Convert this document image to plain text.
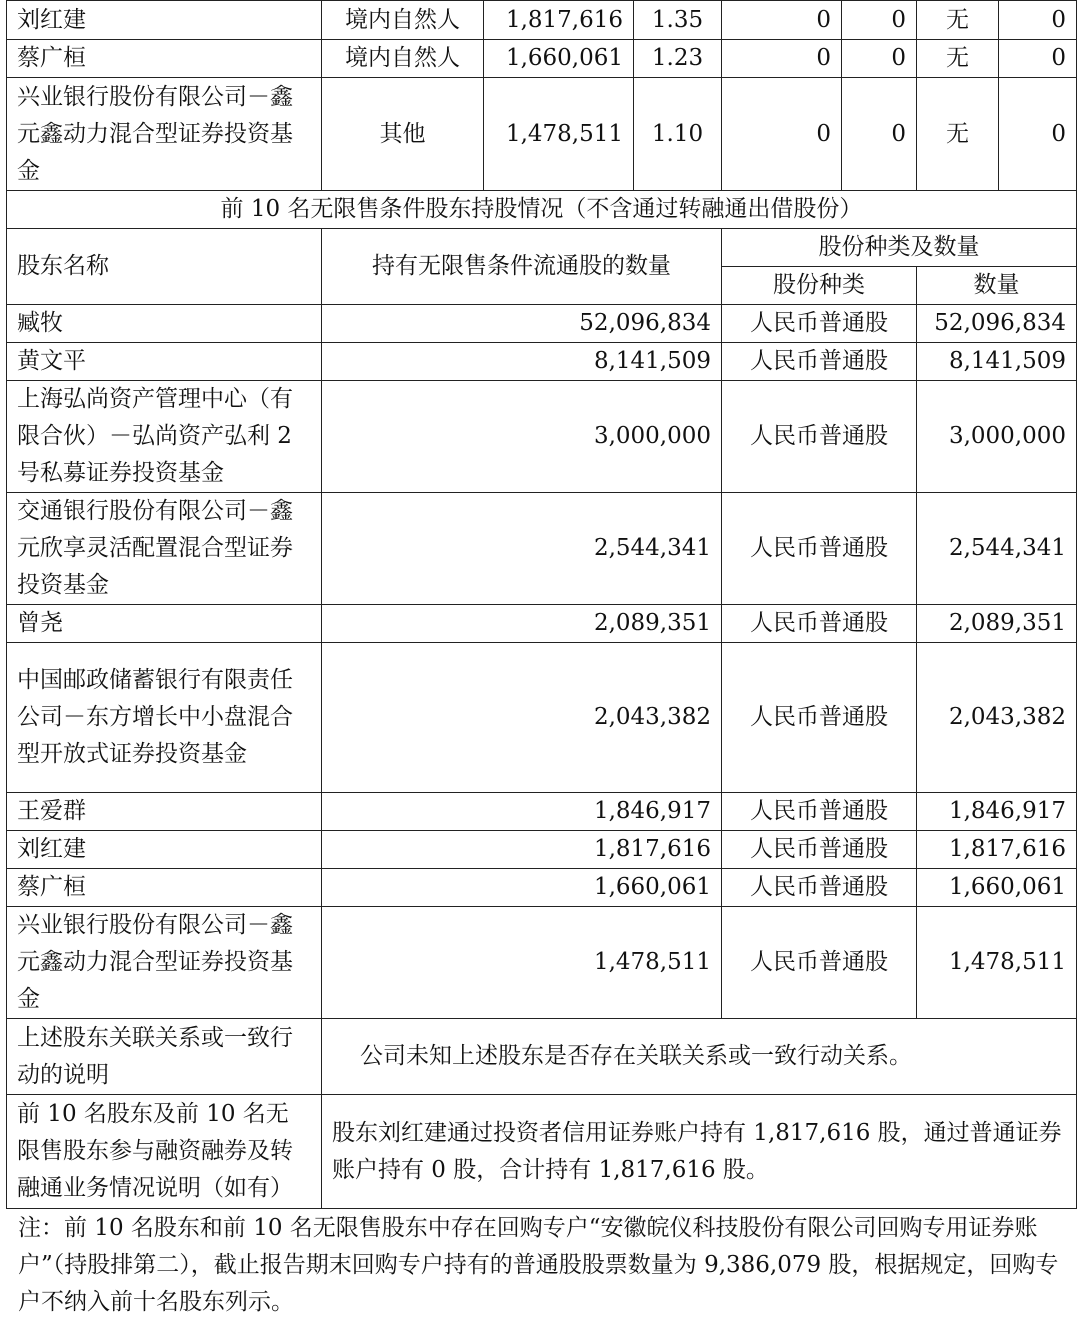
刘红建	境内自然人	1,817,616	1.35	0	0	无	0
蔡广桓	境内自然人	1,660,061	1.23	0	0	无	0
兴业银行股份有限公司－鑫元鑫动力混合型证券投资基金	其他	1,478,511	1.10	0	0	无	0
前 10 名无限售条件股东持股情况（不含通过转融通出借股份）							
股东名称	持有无限售条件流通股的数量			股份种类及数量			
				股份种类		数量	
臧牧	52,096,834			人民币普通股		52,096,834	
黄文平	8,141,509			人民币普通股		8,141,509	
上海弘尚资产管理中心（有限合伙）－弘尚资产弘利 2 号私募证券投资基金	3,000,000			人民币普通股		3,000,000	
交通银行股份有限公司－鑫元欣享灵活配置混合型证券投资基金	2,544,341			人民币普通股		2,544,341	
曾尧	2,089,351			人民币普通股		2,089,351	
中国邮政储蓄银行有限责任公司－东方增长中小盘混合型开放式证券投资基金	2,043,382			人民币普通股		2,043,382	
王爱群	1,846,917			人民币普通股		1,846,917	
刘红建	1,817,616			人民币普通股		1,817,616	
蔡广桓	1,660,061			人民币普通股		1,660,061	
兴业银行股份有限公司－鑫元鑫动力混合型证券投资基金	1,478,511			人民币普通股		1,478,511	
上述股东关联关系或一致行动的说明	公司未知上述股东是否存在关联关系或一致行动关系。						
前 10 名股东及前 10 名无限售股东参与融资融券及转融通业务情况说明（如有）	股东刘红建通过投资者信用证券账户持有 1,817,616 股，通过普通证券账户持有 0 股，合计持有 1,817,616 股。						
注：前 10 名股东和前 10 名无限售股东中存在回购专户“安徽皖仪科技股份有限公司回购专用证券账户”（持股排第二），截止报告期末回购专户持有的普通股股票数量为 9,386,079 股，根据规定，回购专户不纳入前十名股东列示。
